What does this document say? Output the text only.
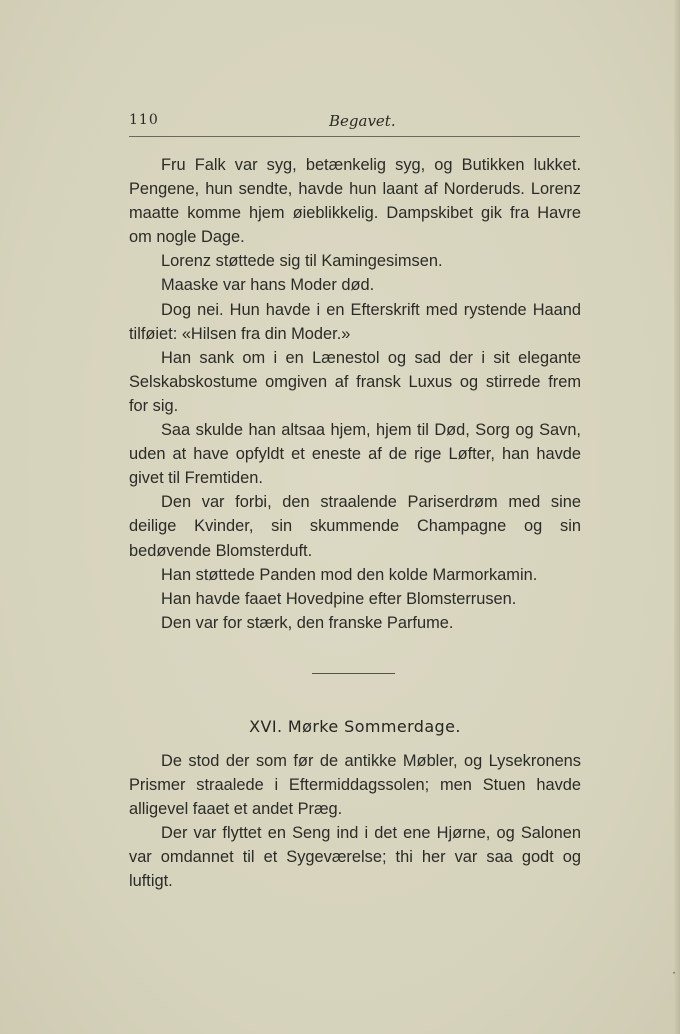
110	Begavet.

Fru Falk var syg, betænkelig syg, og Butikken lukket. Pengene, hun sendte, havde hun laant af Norderuds. Lorenz maatte komme hjem øieblikkelig. Dampskibet gik fra Havre om nogle Dage.

Lorenz støttede sig til Kamingesimsen.

Maaske var hans Moder død.

Dog nei. Hun havde i en Efterskrift med rystende Haand tilføiet: «Hilsen fra din Moder.»

Han sank om i en Lænestol og sad der i sit elegante Selskabskostume omgiven af fransk Luxus og stirrede frem for sig.

Saa skulde han altsaa hjem, hjem til Død, Sorg og Savn, uden at have opfyldt et eneste af de rige Løfter, han havde givet til Fremtiden.

Den var forbi, den straalende Pariserdrøm med sine deilige Kvinder, sin skummende Champagne og sin bedøvende Blomsterduft.

Han støttede Panden mod den kolde Marmorkamin.

Han havde faaet Hovedpine efter Blomsterrusen.

Den var for stærk, den franske Parfume.

XVI. Mørke Sommerdage.

De stod der som før de antikke Møbler, og Lysekronens Prismer straalede i Eftermiddagssolen; men Stuen havde alligevel faaet et andet Præg.

Der var flyttet en Seng ind i det ene Hjørne, og Salonen var omdannet til et Sygeværelse; thi her var saa godt og luftigt.

·
